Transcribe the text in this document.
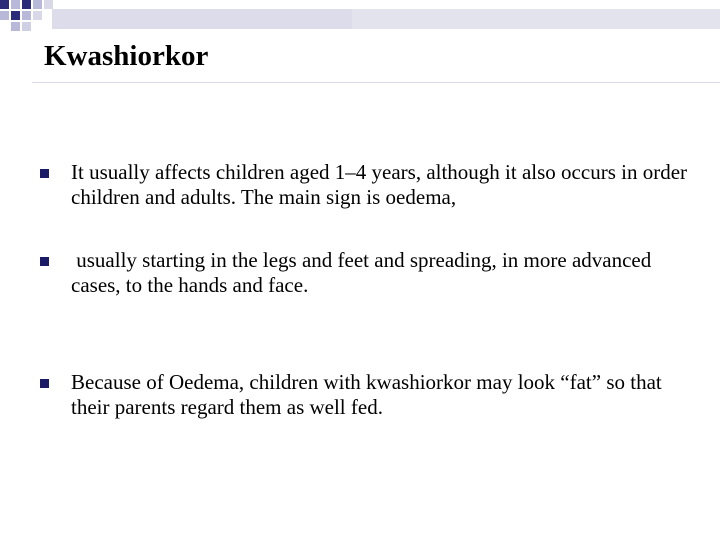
Kwashiorkor
It usually affects children aged 1–4 years, although it also occurs in order children and adults. The main sign is oedema,
usually starting in the legs and feet and spreading, in more advanced cases, to the hands and face.
Because of Oedema, children with kwashiorkor may look “fat” so that their parents regard them as well fed.
